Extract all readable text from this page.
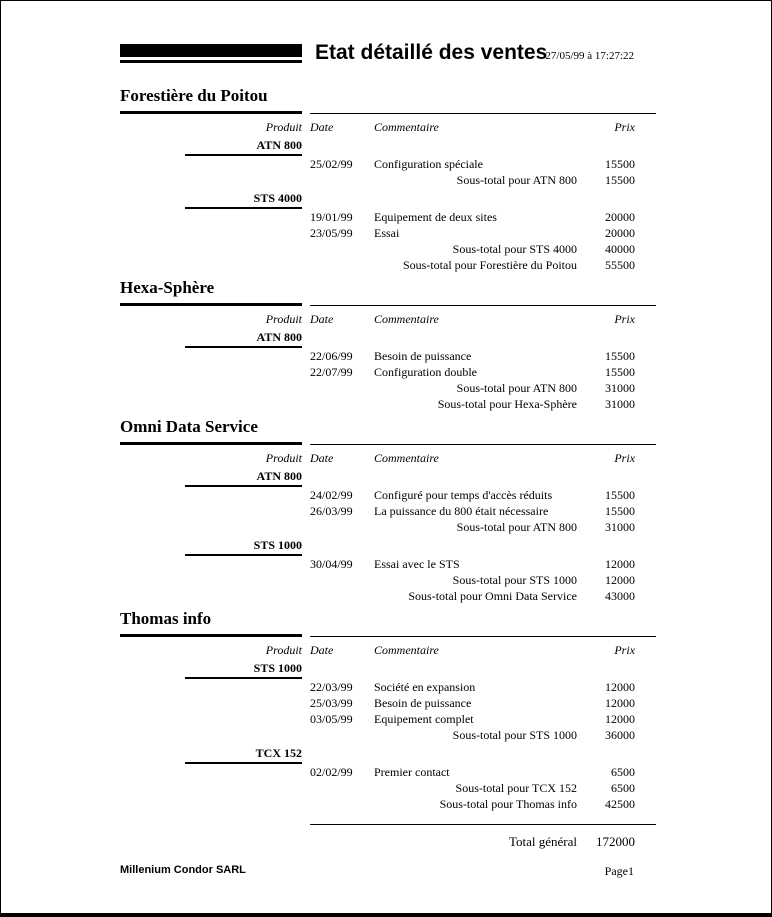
Etat détaillé des ventes
27/05/99 à 17:27:22
Forestière du Poitou
Produit Date	Commentaire	Prix
ATN 800
25/02/99	Configuration spéciale	15500
Sous-total pour ATN 800	15500
STS 4000
19/01/99	Equipement de deux sites	20000
23/05/99	Essai	20000
Sous-total pour STS 4000	40000
Sous-total pour Forestière du Poitou	55500
Hexa-Sphère
Produit Date	Commentaire	Prix
ATN 800
22/06/99	Besoin de puissance	15500
22/07/99	Configuration double	15500
Sous-total pour ATN 800	31000
Sous-total pour Hexa-Sphère	31000
Omni Data Service
Produit Date	Commentaire	Prix
ATN 800
24/02/99	Configuré pour temps d'accès réduits	15500
26/03/99	La puissance du 800 était nécessaire	15500
Sous-total pour ATN 800	31000
STS 1000
30/04/99	Essai avec le STS	12000
Sous-total pour STS 1000	12000
Sous-total pour Omni Data Service	43000
Thomas info
Produit Date	Commentaire	Prix
STS 1000
22/03/99	Société en expansion	12000
25/03/99	Besoin de puissance	12000
03/05/99	Equipement complet	12000
Sous-total pour STS 1000	36000
TCX 152
02/02/99	Premier contact	6500
Sous-total pour TCX 152	6500
Sous-total pour Thomas info	42500
Total général	172000
Millenium Condor SARL	Page1
